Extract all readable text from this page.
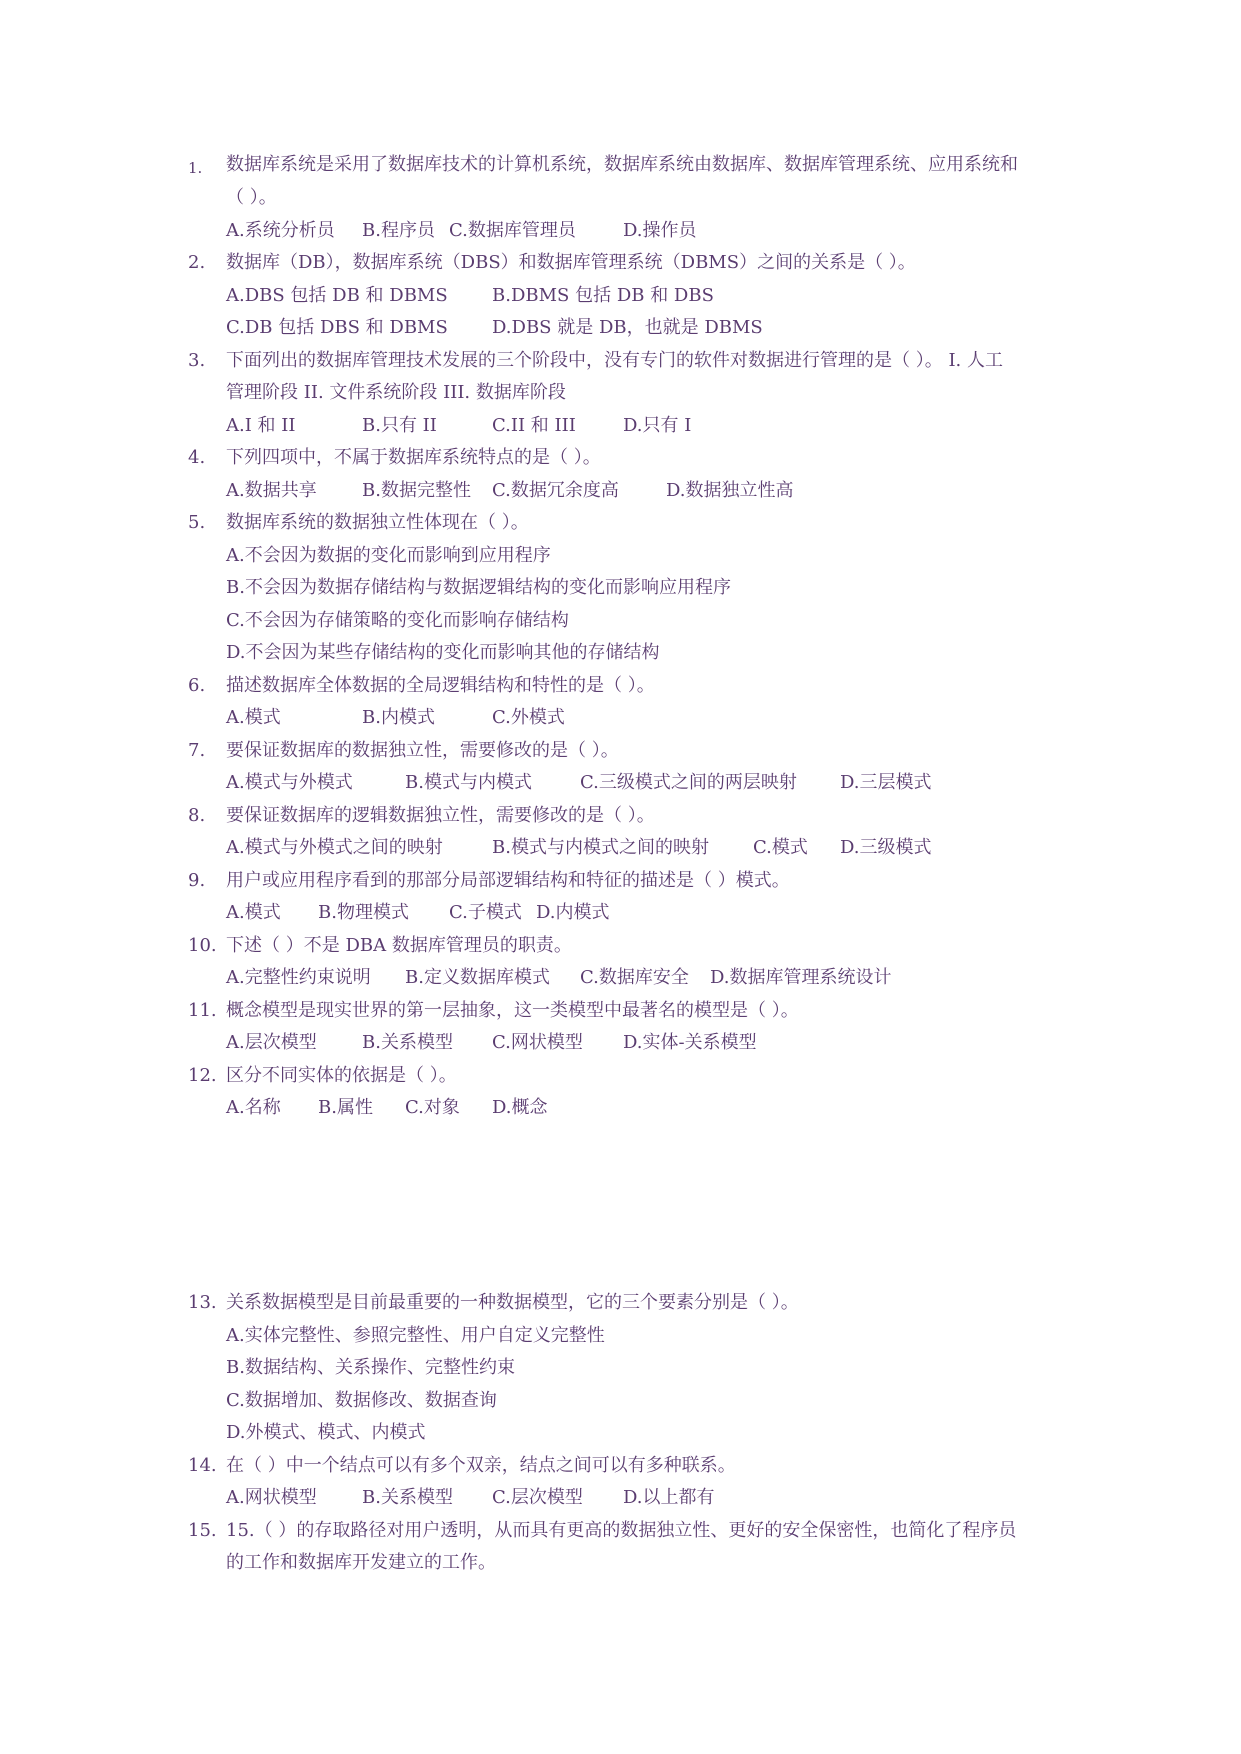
1. 数据库系统是采用了数据库技术的计算机系统，数据库系统由数据库、数据库管理系统、应用系统和
（ ）。
A.系统分析员 B.程序员 C.数据库管理员	D.操作员
2. 数据库（DB），数据库系统（DBS）和数据库管理系统（DBMS）之间的关系是（ ）。
A.DBS 包括 DB 和 DBMS B.DBMS 包括 DB 和 DBS
C.DB 包括 DBS 和 DBMS D.DBS 就是 DB，也就是 DBMS
3. 下面列出的数据库管理技术发展的三个阶段中，没有专门的软件对数据进行管理的是（ ）。 I. 人工
管理阶段 II. 文件系统阶段 III. 数据库阶段
A.I 和 II	B.只有 II	C.II 和 III	D.只有 I
4. 下列四项中，不属于数据库系统特点的是（ ）。
A.数据共享	B.数据完整性 C.数据冗余度高	D.数据独立性高
5. 数据库系统的数据独立性体现在（ ）。
A.不会因为数据的变化而影响到应用程序
B.不会因为数据存储结构与数据逻辑结构的变化而影响应用程序
C.不会因为存储策略的变化而影响存储结构
D.不会因为某些存储结构的变化而影响其他的存储结构
6. 描述数据库全体数据的全局逻辑结构和特性的是（ ）。
A.模式	B.内模式	C.外模式
7. 要保证数据库的数据独立性，需要修改的是（ ）。
A.模式与外模式	B.模式与内模式	C.三级模式之间的两层映射 D.三层模式
8. 要保证数据库的逻辑数据独立性，需要修改的是（ ）。
A.模式与外模式之间的映射	B.模式与内模式之间的映射 C.模式 D.三级模式
9. 用户或应用程序看到的那部分局部逻辑结构和特征的描述是（ ）模式。
A.模式 B.物理模式 C.子模式 D.内模式
10. 下述（ ）不是 DBA 数据库管理员的职责。
A.完整性约束说明 B.定义数据库模式 C.数据库安全 D.数据库管理系统设计
11. 概念模型是现实世界的第一层抽象，这一类模型中最著名的模型是（ ）。
A.层次模型	B.关系模型 C.网状模型 D.实体-关系模型
12. 区分不同实体的依据是（ ）。
A.名称 B.属性 C.对象 D.概念
13. 关系数据模型是目前最重要的一种数据模型，它的三个要素分别是（ ）。
A.实体完整性、参照完整性、用户自定义完整性
B.数据结构、关系操作、完整性约束
C.数据增加、数据修改、数据查询
D.外模式、模式、内模式
14. 在（ ）中一个结点可以有多个双亲，结点之间可以有多种联系。
A.网状模型	B.关系模型 C.层次模型 D.以上都有
15. 15.（ ）的存取路径对用户透明，从而具有更高的数据独立性、更好的安全保密性，也简化了程序员
的工作和数据库开发建立的工作。
